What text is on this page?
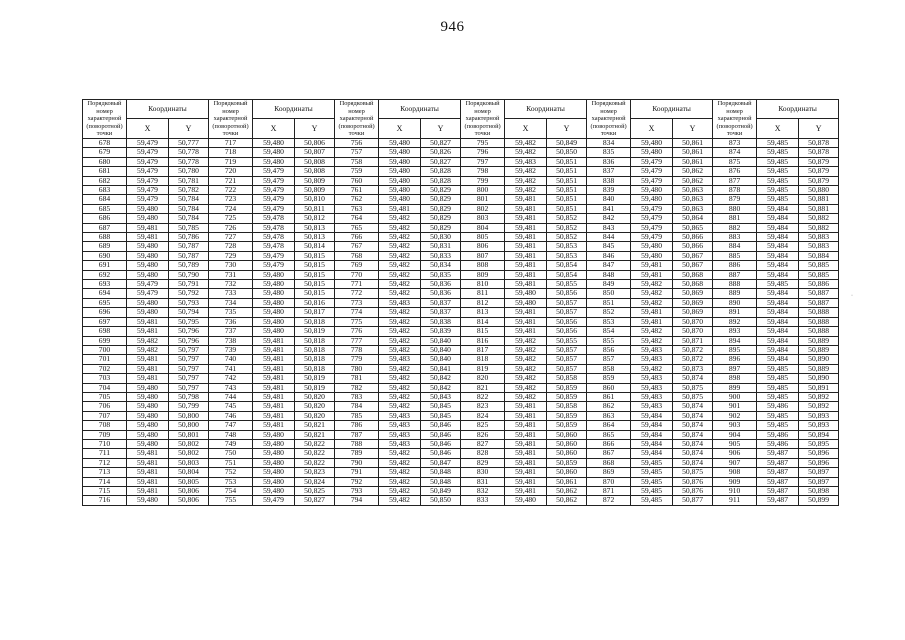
946
Порядковый номер характерной (поворотной) точки	Координаты		Порядковый номер характерной (поворотной) точки	Координаты		Порядковый номер характерной (поворотной) точки	Координаты		Порядковый номер характерной (поворотной) точки	Координаты		Порядковый номер характерной (поворотной) точки	Координаты		Порядковый номер характерной (поворотной) точки	Координаты	
	X	Y		X	Y		X	Y		X	Y		X	Y		X	Y
678	59,479	50,777	717	59,480	50,806	756	59,480	50,827	795	59,482	50,849	834	59,480	50,861	873	59,485	50,878
679	59,479	50,778	718	59,480	50,807	757	59,480	50,826	796	59,482	50,850	835	59,480	50,861	874	59,485	50,878
680	59,479	50,778	719	59,480	50,808	758	59,480	50,827	797	59,483	50,851	836	59,479	50,861	875	59,485	50,879
681	59,479	50,780	720	59,479	50,808	759	59,480	50,828	798	59,482	50,851	837	59,479	50,862	876	59,485	50,879
682	59,479	50,781	721	59,479	50,809	760	59,480	50,828	799	59,482	50,851	838	59,479	50,862	877	59,485	50,879
683	59,479	50,782	722	59,479	50,809	761	59,480	50,829	800	59,482	50,851	839	59,480	50,863	878	59,485	50,880
684	59,479	50,784	723	59,479	50,810	762	59,480	50,829	801	59,481	50,851	840	59,480	50,863	879	59,485	50,881
685	59,480	50,784	724	59,479	50,811	763	59,481	50,829	802	59,481	50,851	841	59,479	50,863	880	59,484	50,881
686	59,480	50,784	725	59,478	50,812	764	59,482	50,829	803	59,481	50,852	842	59,479	50,864	881	59,484	50,882
687	59,481	50,785	726	59,478	50,813	765	59,482	50,829	804	59,481	50,852	843	59,479	50,865	882	59,484	50,882
688	59,481	50,786	727	59,478	50,813	766	59,482	50,830	805	59,481	50,852	844	59,479	50,866	883	59,484	50,883
689	59,480	50,787	728	59,478	50,814	767	59,482	50,831	806	59,481	50,853	845	59,480	50,866	884	59,484	50,883
690	59,480	50,787	729	59,479	50,815	768	59,482	50,833	807	59,481	50,853	846	59,480	50,867	885	59,484	50,884
691	59,480	50,789	730	59,479	50,815	769	59,482	50,834	808	59,481	50,854	847	59,481	50,867	886	59,484	50,885
692	59,480	50,790	731	59,480	50,815	770	59,482	50,835	809	59,481	50,854	848	59,481	50,868	887	59,484	50,885
693	59,479	50,791	732	59,480	50,815	771	59,482	50,836	810	59,481	50,855	849	59,482	50,868	888	59,485	50,886
694	59,479	50,792	733	59,480	50,815	772	59,482	50,836	811	59,480	50,856	850	59,482	50,869	889	59,484	50,887
695	59,480	50,793	734	59,480	50,816	773	59,483	50,837	812	59,480	50,857	851	59,482	50,869	890	59,484	50,887
696	59,480	50,794	735	59,480	50,817	774	59,482	50,837	813	59,481	50,857	852	59,481	50,869	891	59,484	50,888
697	59,481	50,795	736	59,480	50,818	775	59,482	50,838	814	59,481	50,856	853	59,481	50,870	892	59,484	50,888
698	59,481	50,796	737	59,480	50,819	776	59,482	50,839	815	59,481	50,856	854	59,482	50,870	893	59,484	50,888
699	59,482	50,796	738	59,481	50,818	777	59,482	50,840	816	59,482	50,855	855	59,482	50,871	894	59,484	50,889
700	59,482	50,797	739	59,481	50,818	778	59,482	50,840	817	59,482	50,857	856	59,483	50,872	895	59,484	50,889
701	59,481	50,797	740	59,481	50,818	779	59,483	50,840	818	59,482	50,857	857	59,483	50,872	896	59,484	50,890
702	59,481	50,797	741	59,481	50,818	780	59,482	50,841	819	59,482	50,857	858	59,482	50,873	897	59,485	50,889
703	59,481	50,797	742	59,481	50,819	781	59,482	50,842	820	59,482	50,858	859	59,483	50,874	898	59,485	50,890
704	59,480	50,797	743	59,481	50,819	782	59,482	50,842	821	59,482	50,859	860	59,483	50,875	899	59,485	50,891
705	59,480	50,798	744	59,481	50,820	783	59,482	50,843	822	59,482	50,859	861	59,483	50,875	900	59,485	50,892
706	59,480	50,799	745	59,481	50,820	784	59,482	50,845	823	59,481	50,858	862	59,483	50,874	901	59,486	50,892
707	59,480	50,800	746	59,481	50,820	785	59,483	50,845	824	59,481	50,859	863	59,484	50,874	902	59,485	50,893
708	59,480	50,800	747	59,481	50,821	786	59,483	50,846	825	59,481	50,859	864	59,484	50,874	903	59,485	50,893
709	59,480	50,801	748	59,480	50,821	787	59,483	50,846	826	59,481	50,860	865	59,484	50,874	904	59,486	50,894
710	59,480	50,802	749	59,480	50,822	788	59,483	50,846	827	59,481	50,860	866	59,484	50,874	905	59,486	50,895
711	59,481	50,802	750	59,480	50,822	789	59,482	50,846	828	59,481	50,860	867	59,484	50,874	906	59,487	50,896
712	59,481	50,803	751	59,480	50,822	790	59,482	50,847	829	59,481	50,859	868	59,485	50,874	907	59,487	50,896
713	59,481	50,804	752	59,480	50,823	791	59,482	50,848	830	59,481	50,860	869	59,485	50,875	908	59,487	50,897
714	59,481	50,805	753	59,480	50,824	792	59,482	50,848	831	59,481	50,861	870	59,485	50,876	909	59,487	50,897
715	59,481	50,806	754	59,480	50,825	793	59,482	50,849	832	59,481	50,862	871	59,485	50,876	910	59,487	50,898
716	59,480	50,806	755	59,479	50,827	794	59,482	50,850	833	59,480	50,862	872	59,485	50,877	911	59,487	50,899
·
